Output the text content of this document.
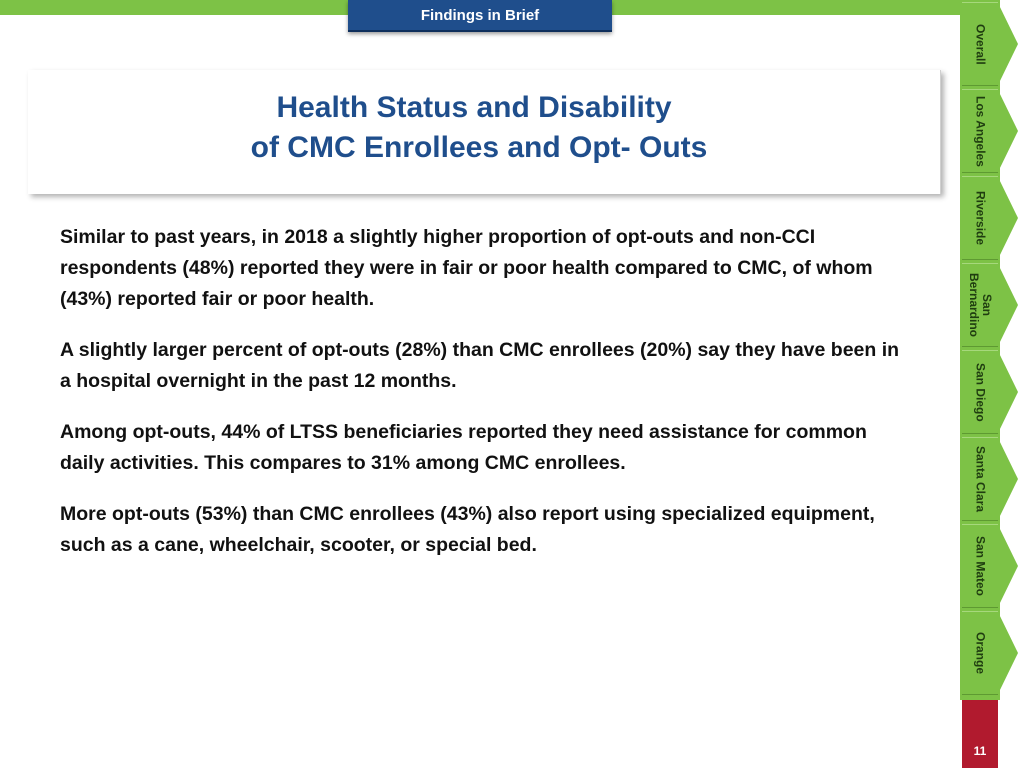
Findings in Brief
Health Status and Disability
of CMC Enrollees and Opt- Outs

Similar to past years, in 2018 a slightly higher proportion of opt-outs and non-CCI respondents (48%) reported they were in fair or poor health compared to CMC, of whom (43%) reported fair or poor health.

A slightly larger percent of opt-outs (28%) than CMC enrollees (20%) say they have been in a hospital overnight in the past 12 months.

Among opt-outs, 44% of LTSS beneficiaries reported they need assistance for common daily activities. This compares to 31% among CMC enrollees.

More opt-outs (53%) than CMC enrollees (43%) also report using specialized equipment, such as a cane, wheelchair, scooter, or special bed.

Overall
Los Angeles
Riverside
San Bernardino
San Diego
Santa Clara
San Mateo
Orange
11
